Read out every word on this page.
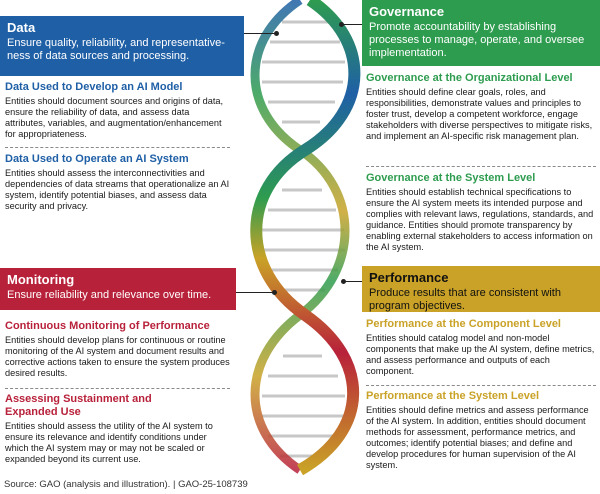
Data
Ensure quality, reliability, and representative-ness of data sources and processing.
Data Used to Develop an AI Model
Entities should document sources and origins of data, ensure the reliability of data, and assess data attributes, variables, and augmentation/enhancement for appropriateness.
Data Used to Operate an AI System
Entities should assess the interconnectivities and dependencies of data streams that operationalize an AI system, identify potential biases, and assess data security and privacy.
Governance
Promote accountability by establishing processes to manage, operate, and oversee implementation.
Governance at the Organizational Level
Entities should define clear goals, roles, and responsibilities, demonstrate values and principles to foster trust, develop a competent workforce, engage stakeholders with diverse perspectives to mitigate risks, and implement an AI-specific risk management plan.
Governance at the System Level
Entities should establish technical specifications to ensure the AI system meets its intended purpose and complies with relevant laws, regulations, standards, and guidance. Entities should promote transparency by enabling external stakeholders to access information on the AI system.
Monitoring
Ensure reliability and relevance over time.
Continuous Monitoring of Performance
Entities should develop plans for continuous or routine monitoring of the AI system and document results and corrective actions taken to ensure the system produces desired results.
Assessing Sustainment and Expanded Use
Entities should assess the utility of the AI system to ensure its relevance and identify conditions under which the AI system may or may not be scaled or expanded beyond its current use.
Performance
Produce results that are consistent with program objectives.
Performance at the Component Level
Entities should catalog model and non-model components that make up the AI system, define metrics, and assess performance and outputs of each component.
Performance at the System Level
Entities should define metrics and assess performance of the AI system. In addition, entities should document methods for assessment, performance metrics, and outcomes; identify potential biases; and define and develop procedures for human supervision of the AI system.
Source: GAO (analysis and illustration). | GAO-25-108739
